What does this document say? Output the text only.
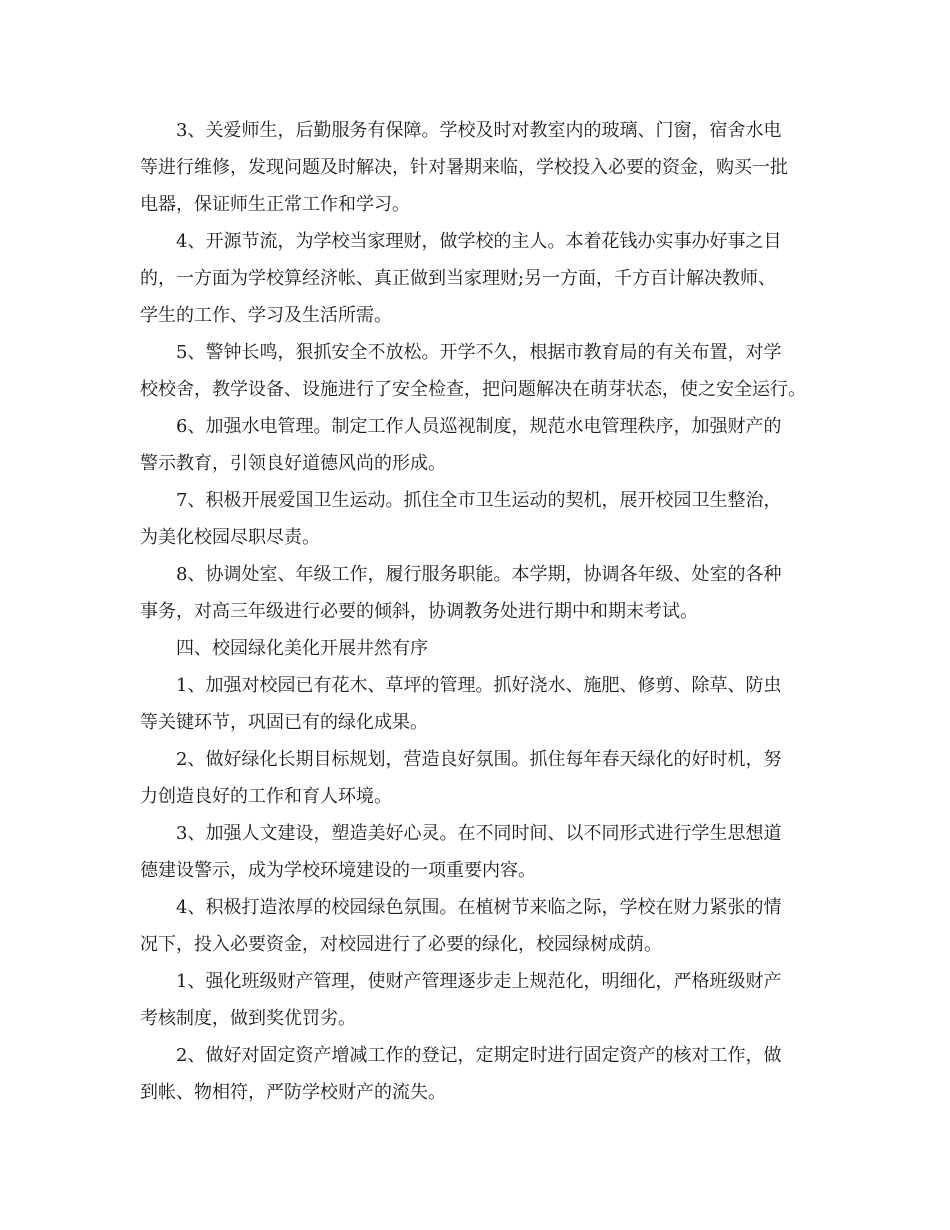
3、关爱师生，后勤服务有保障。学校及时对教室内的玻璃、门窗，宿舍水电
等进行维修，发现问题及时解决，针对暑期来临，学校投入必要的资金，购买一批
电器，保证师生正常工作和学习。
4、开源节流，为学校当家理财，做学校的主人。本着花钱办实事办好事之目
的，一方面为学校算经济帐、真正做到当家理财;另一方面，千方百计解决教师、
学生的工作、学习及生活所需。
5、警钟长鸣，狠抓安全不放松。开学不久，根据市教育局的有关布置，对学
校校舍，教学设备、设施进行了安全检查，把问题解决在萌芽状态，使之安全运行。
6、加强水电管理。制定工作人员巡视制度，规范水电管理秩序，加强财产的
警示教育，引领良好道德风尚的形成。
7、积极开展爱国卫生运动。抓住全市卫生运动的契机，展开校园卫生整治，
为美化校园尽职尽责。
8、协调处室、年级工作，履行服务职能。本学期，协调各年级、处室的各种
事务，对高三年级进行必要的倾斜，协调教务处进行期中和期末考试。
四、校园绿化美化开展井然有序
1、加强对校园已有花木、草坪的管理。抓好浇水、施肥、修剪、除草、防虫
等关键环节，巩固已有的绿化成果。
2、做好绿化长期目标规划，营造良好氛围。抓住每年春天绿化的好时机，努
力创造良好的工作和育人环境。
3、加强人文建设，塑造美好心灵。在不同时间、以不同形式进行学生思想道
德建设警示，成为学校环境建设的一项重要内容。
4、积极打造浓厚的校园绿色氛围。在植树节来临之际，学校在财力紧张的情
况下，投入必要资金，对校园进行了必要的绿化，校园绿树成荫。
1、强化班级财产管理，使财产管理逐步走上规范化，明细化，严格班级财产
考核制度，做到奖优罚劣。
2、做好对固定资产增减工作的登记，定期定时进行固定资产的核对工作，做
到帐、物相符，严防学校财产的流失。
